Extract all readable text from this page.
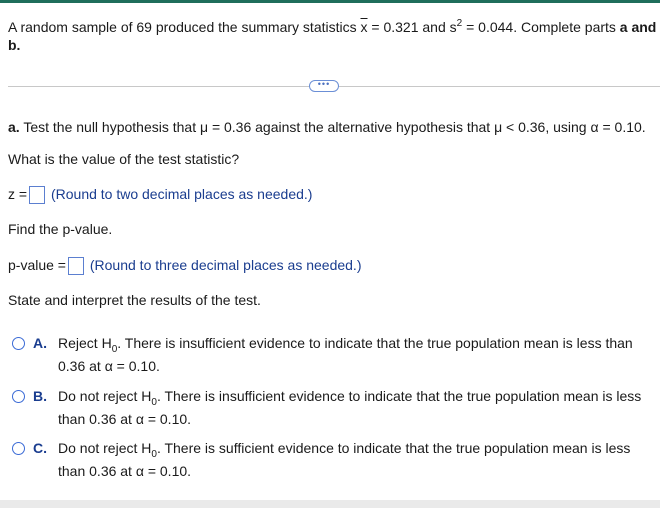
A random sample of 69 produced the summary statistics $\overline{x} = 0.321$ and $s^2 = 0.044$. Complete parts a and
b.
•••
a. Test the null hypothesis that μ = 0.36 against the alternative hypothesis that μ < 0.36, using α = 0.10.
What is the value of the test statistic?
z = (Round to two decimal places as needed.)
Find the p-value.
p-value = (Round to three decimal places as needed.)
State and interpret the results of the test.
A. Reject $H_0$. There is insufficient evidence to indicate that the true population mean is less than
0.36 at α = 0.10.
B. Do not reject $H_0$. There is insufficient evidence to indicate that the true population mean is less
than 0.36 at α = 0.10.
C. Do not reject $H_0$. There is sufficient evidence to indicate that the true population mean is less
than 0.36 at α = 0.10.
